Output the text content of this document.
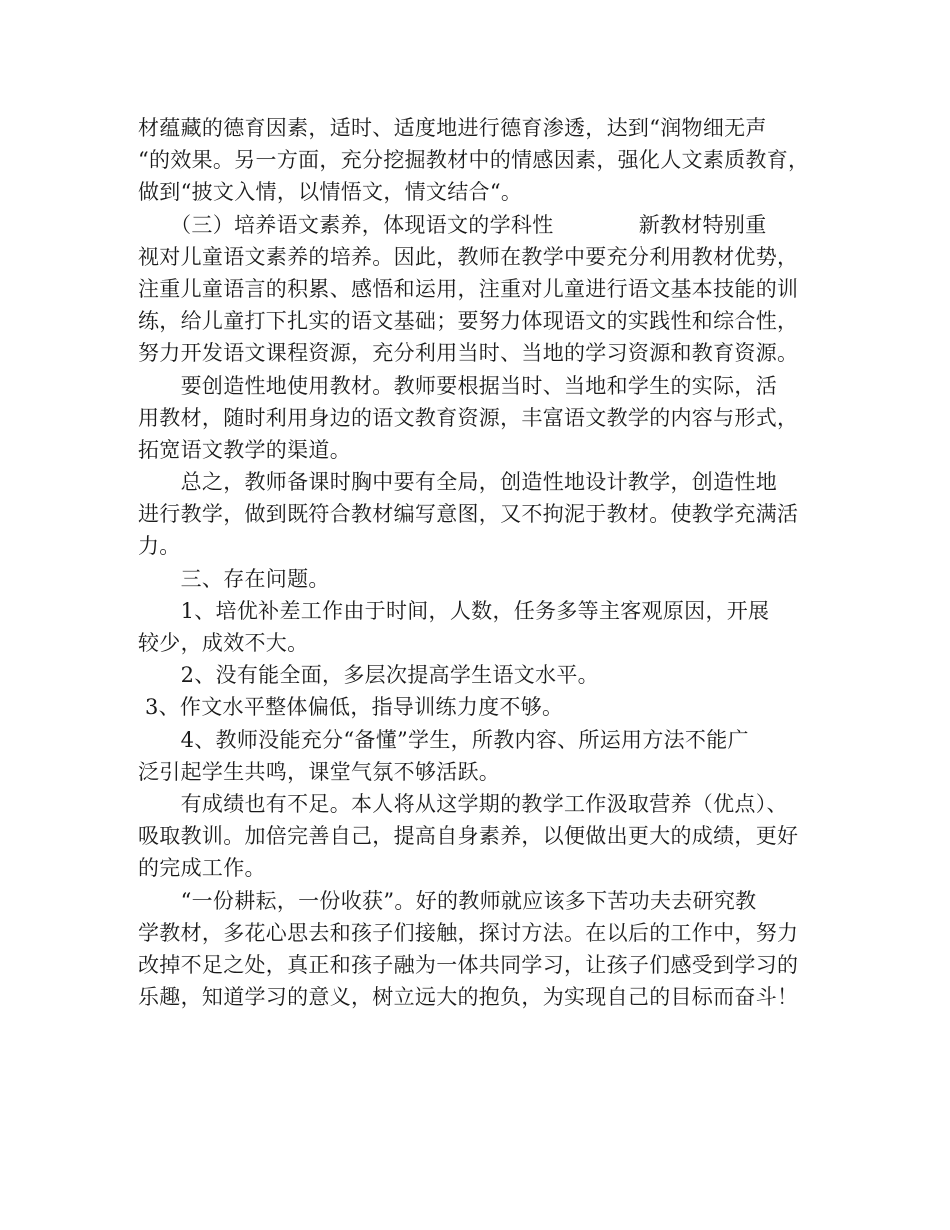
材蕴藏的德育因素，适时、适度地进行德育渗透，达到“润物细无声
“的效果。另一方面，充分挖掘教材中的情感因素，强化人文素质教育，
做到“披文入情，以情悟文，情文结合“。
　　（三）培养语文素养，体现语文的学科性　　　　新教材特别重
视对儿童语文素养的培养。因此，教师在教学中要充分利用教材优势，
注重儿童语言的积累、感悟和运用，注重对儿童进行语文基本技能的训
练，给儿童打下扎实的语文基础；要努力体现语文的实践性和综合性，
努力开发语文课程资源，充分利用当时、当地的学习资源和教育资源。
　　要创造性地使用教材。教师要根据当时、当地和学生的实际，活
用教材，随时利用身边的语文教育资源，丰富语文教学的内容与形式，
拓宽语文教学的渠道。
　　总之，教师备课时胸中要有全局，创造性地设计教学，创造性地
进行教学，做到既符合教材编写意图，又不拘泥于教材。使教学充满活
力。
　　三、存在问题。
　　1、培优补差工作由于时间，人数，任务多等主客观原因，开展
较少，成效不大。
　　2、没有能全面，多层次提高学生语文水平。
3、作文水平整体偏低，指导训练力度不够。
　　4、教师没能充分“备懂”学生，所教内容、所运用方法不能广
泛引起学生共鸣，课堂气氛不够活跃。
　　有成绩也有不足。本人将从这学期的教学工作汲取营养（优点）、
吸取教训。加倍完善自己，提高自身素养，以便做出更大的成绩，更好
的完成工作。
　　“一份耕耘，一份收获”。好的教师就应该多下苦功夫去研究教
学教材，多花心思去和孩子们接触，探讨方法。在以后的工作中，努力
改掉不足之处，真正和孩子融为一体共同学习，让孩子们感受到学习的
乐趣，知道学习的意义，树立远大的抱负，为实现自己的目标而奋斗！
